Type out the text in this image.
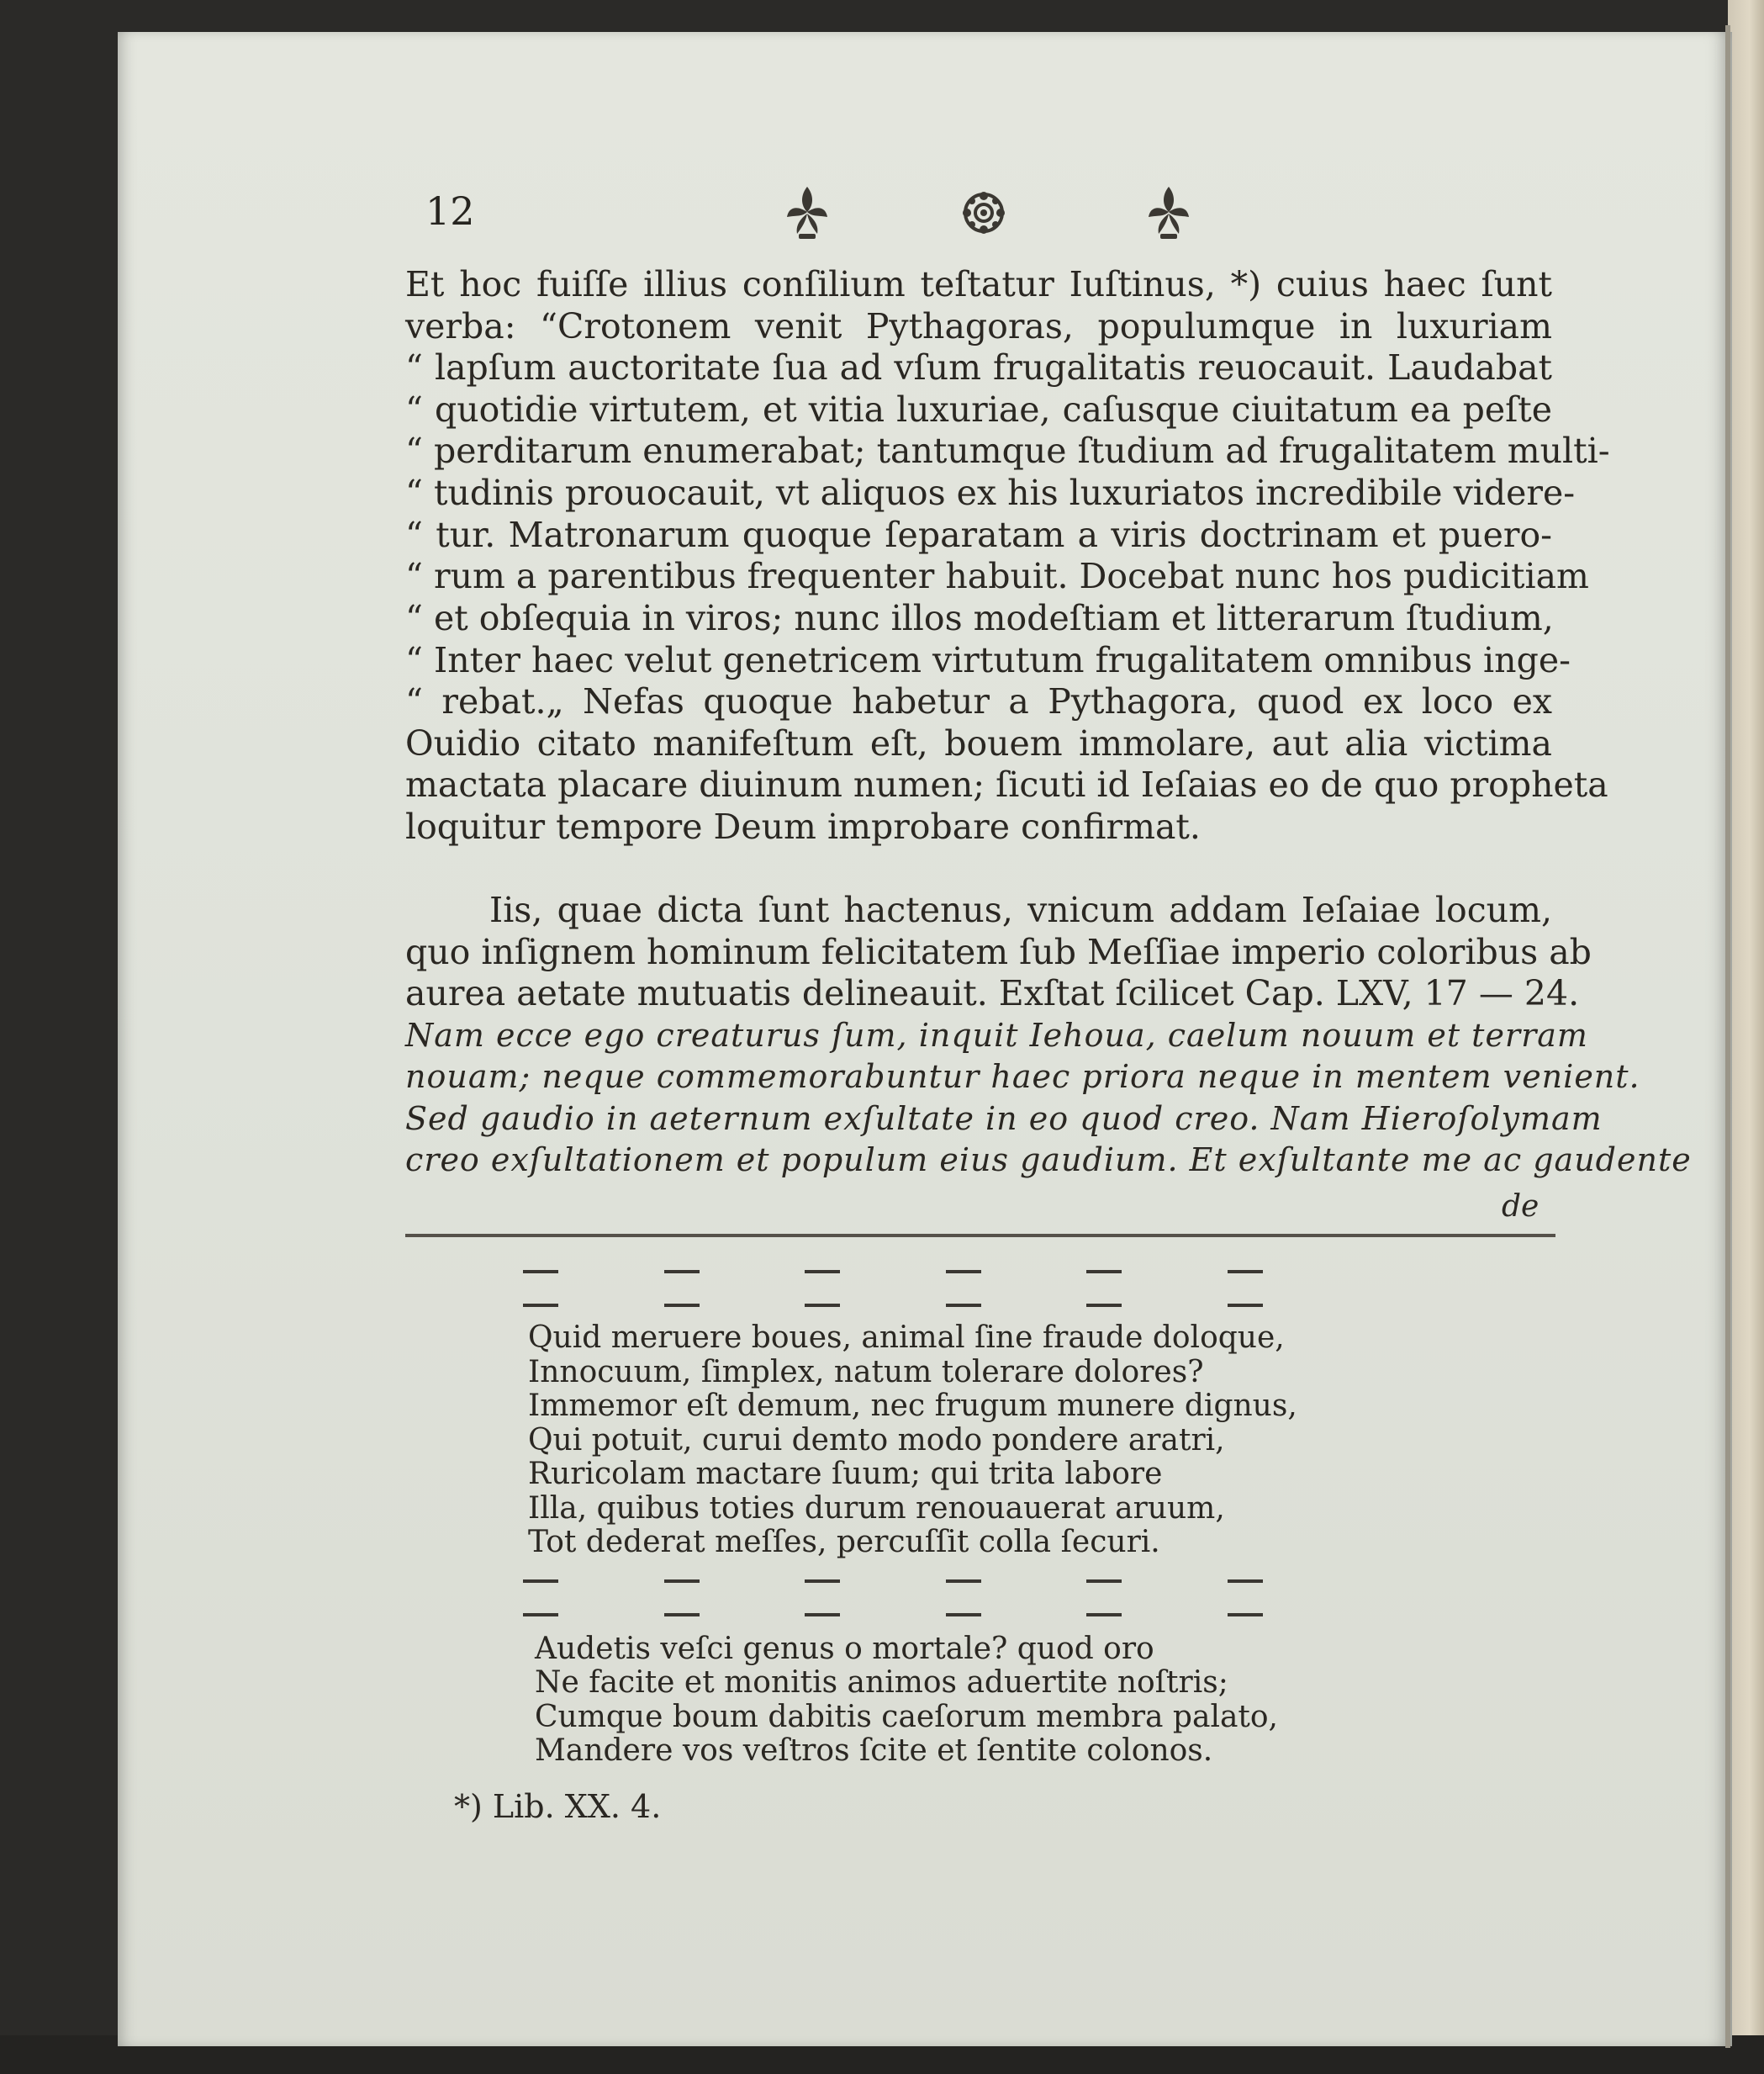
12
Et hoc fuiſſe illius conſilium teſtatur Iuſtinus, *) cuius haec ſunt
verba: “Crotonem venit Pythagoras, populumque in luxuriam
“ lapſum auctoritate ſua ad vſum frugalitatis reuocauit. Laudabat
“ quotidie virtutem, et vitia luxuriae, caſusque ciuitatum ea peſte
“ perditarum enumerabat; tantumque ſtudium ad frugalitatem multi-
“ tudinis prouocauit, vt aliquos ex his luxuriatos incredibile videre-
“ tur. Matronarum quoque ſeparatam a viris doctrinam et puero-
“ rum a parentibus frequenter habuit. Docebat nunc hos pudicitiam
“ et obſequia in viros; nunc illos modeſtiam et litterarum ſtudium,
“ Inter haec velut genetricem virtutum frugalitatem omnibus inge-
“ rebat.„ Nefas quoque habetur a Pythagora, quod ex loco ex
Ouidio citato manifeſtum eſt, bouem immolare, aut alia victima
mactata placare diuinum numen; ſicuti id Ieſaias eo de quo propheta
loquitur tempore Deum improbare confirmat.
Iis, quae dicta ſunt hactenus, vnicum addam Ieſaiae locum,
quo inſignem hominum felicitatem ſub Meſſiae imperio coloribus ab
aurea aetate mutuatis delineauit. Exſtat ſcilicet Cap. LXV, 17 — 24.
Nam ecce ego creaturus ſum, inquit Iehoua, caelum nouum et terram
nouam; neque commemorabuntur haec priora neque in mentem venient.
Sed gaudio in aeternum exſultate in eo quod creo. Nam Hieroſolymam
creo exſultationem et populum eius gaudium. Et exſultante me ac gaudente
de
Quid meruere boues, animal ſine fraude doloque,
Innocuum, ſimplex, natum tolerare dolores?
Immemor eſt demum, nec frugum munere dignus,
Qui potuit, curui demto modo pondere aratri,
Ruricolam mactare ſuum; qui trita labore
Illa, quibus toties durum renouauerat aruum,
Tot dederat meſſes, percuſſit colla ſecuri.
Audetis veſci genus o mortale? quod oro
Ne facite et monitis animos aduertite noſtris;
Cumque boum dabitis caeſorum membra palato,
Mandere vos veſtros ſcite et ſentite colonos.
*) Lib. XX. 4.
